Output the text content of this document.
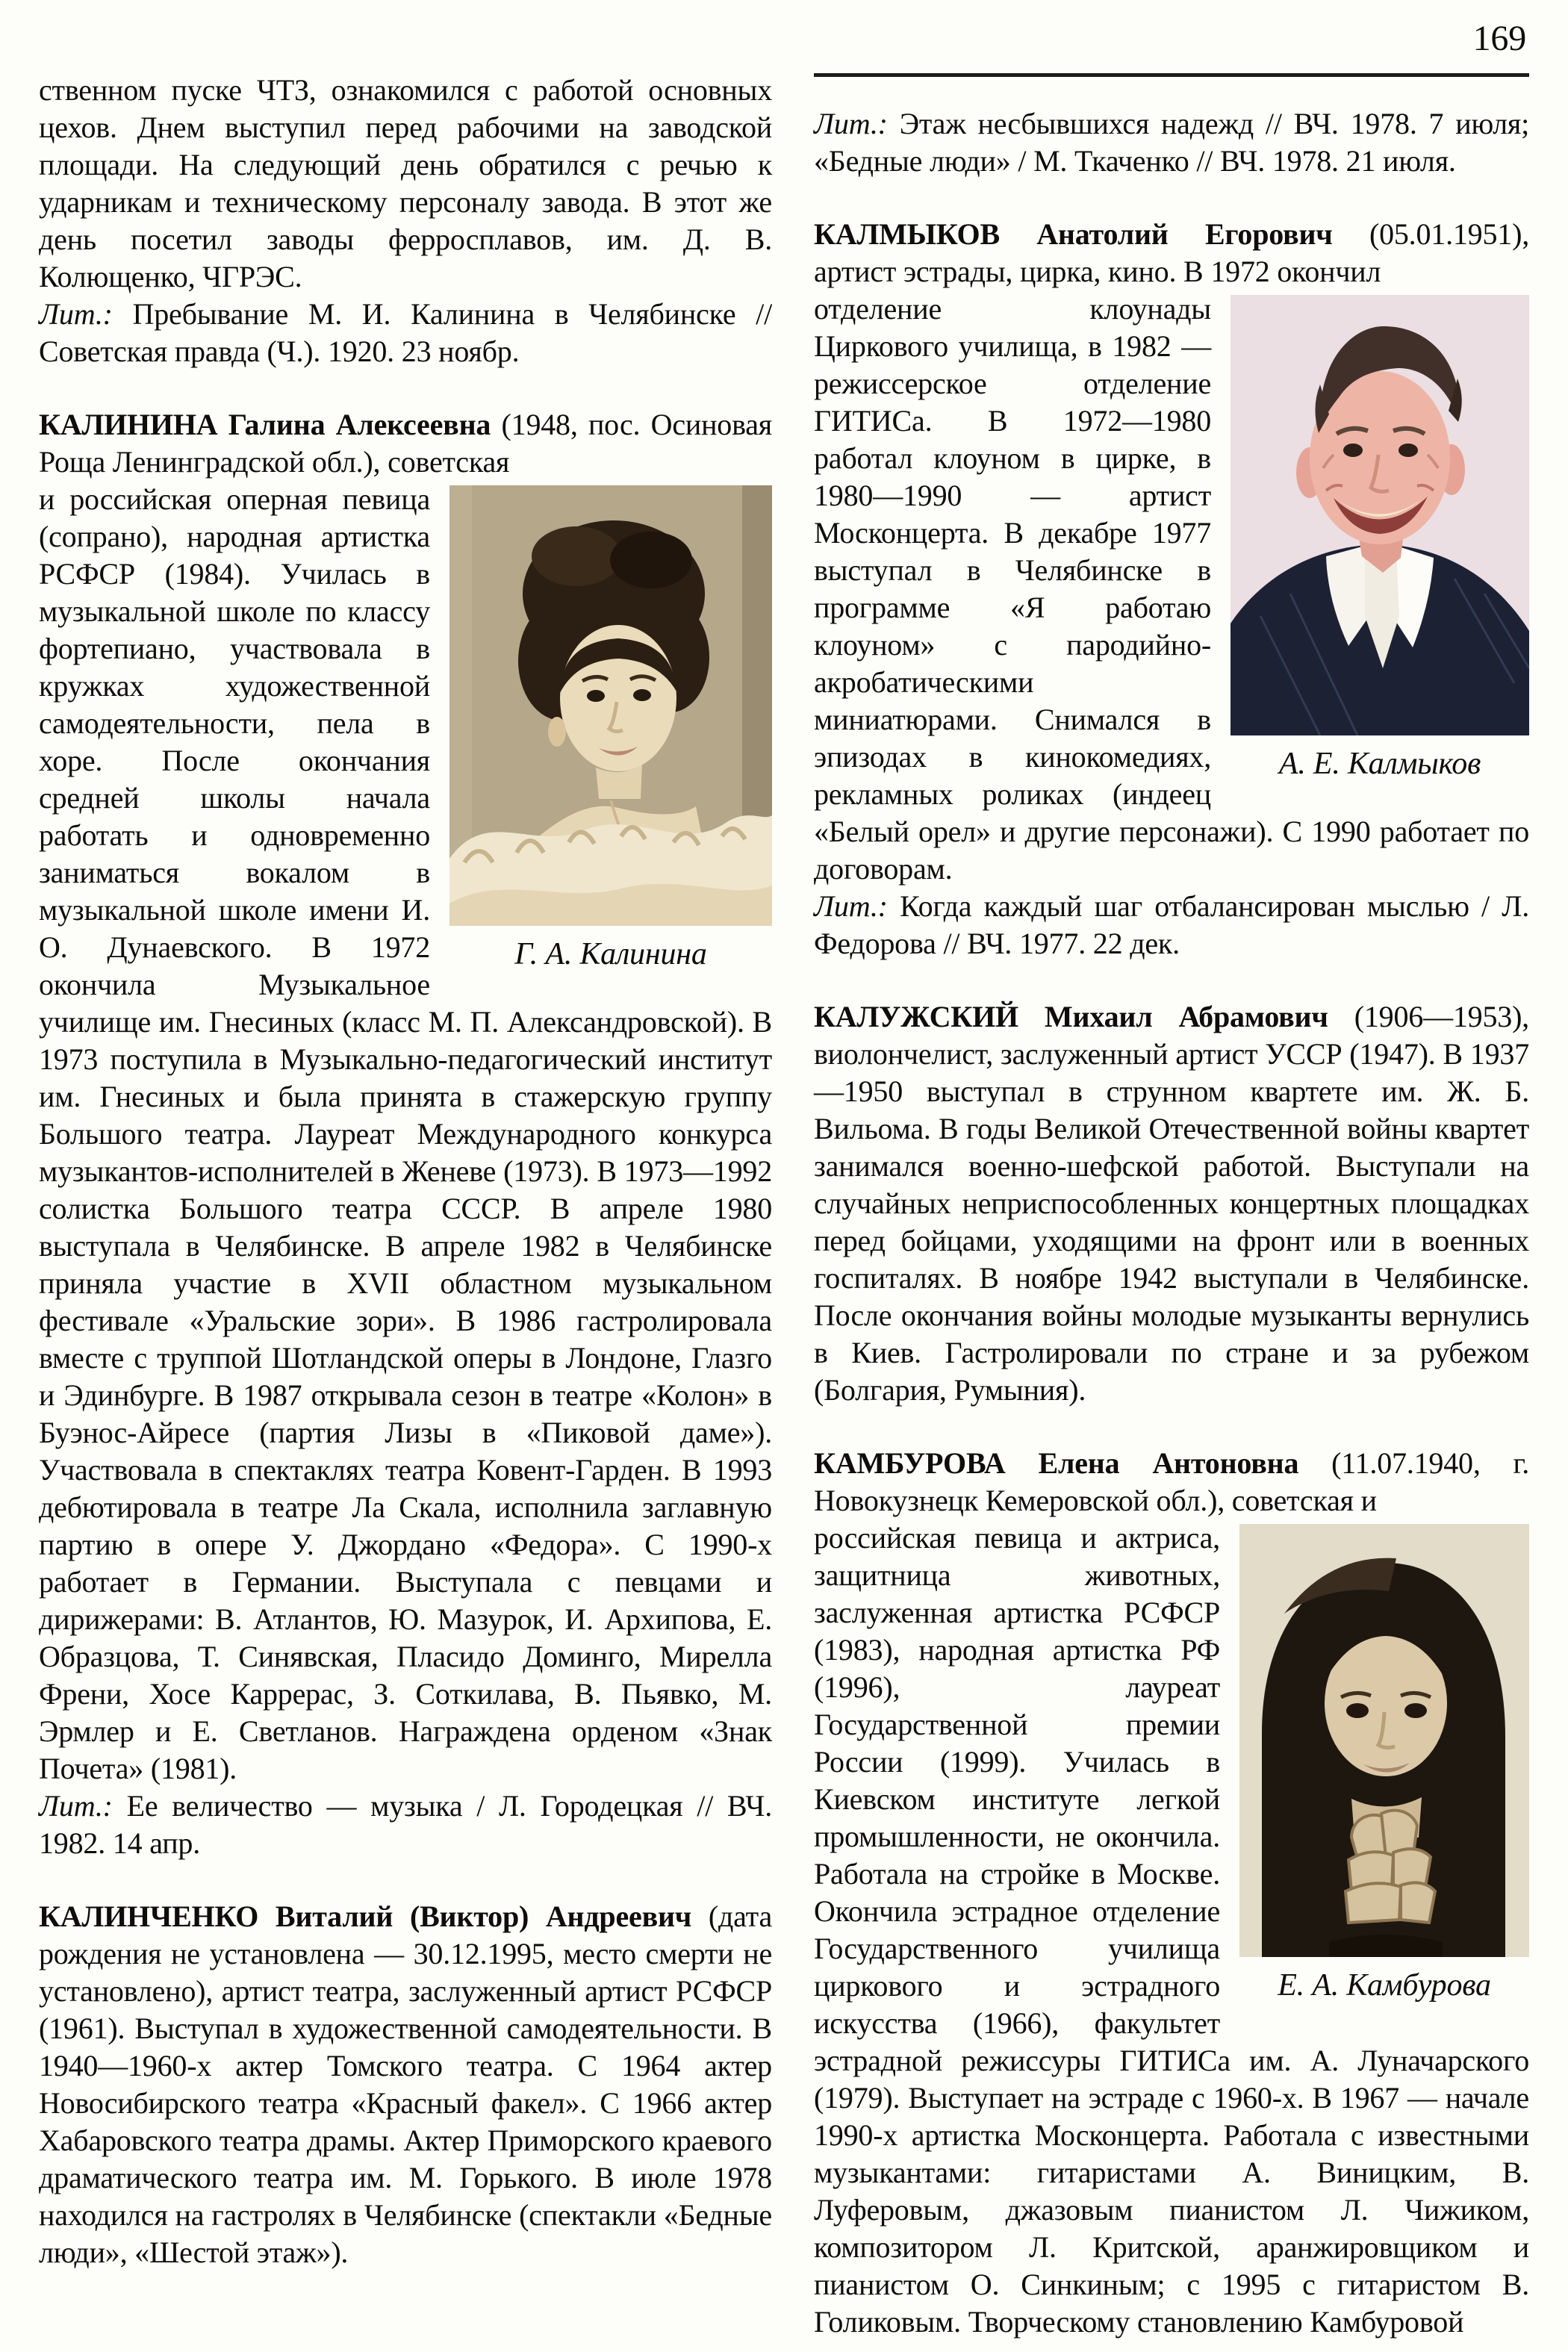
ственном пуске ЧТЗ, ознакомился с работой основных цехов. Днем выступил перед рабочими на заводской площади. На следующий день обратился с речью к ударникам и техническому персоналу завода. В этот же день посетил заводы ферросплавов, им. Д. В. Колющенко, ЧГРЭС.

Лит.: Пребывание М. И. Калинина в Челябинске // Советская правда (Ч.). 1920. 23 ноябр.

КАЛИНИНА Галина Алексеевна (1948, пос. Осиновая Роща Ленинградской обл.), советская

Г. А. Калинина
и российская оперная певица (сопрано), народная артистка РСФСР (1984). Училась в музыкальной школе по классу фортепиано, участвовала в кружках художественной самодеятельности, пела в хоре. После окончания средней школы начала работать и одновременно заниматься вокалом в музыкальной школе имени И. О. Дунаевского. В 1972 окончила Музыкальное училище им. Гнесиных (класс М. П. Александровской). В 1973 поступила в Музыкально-педагогический институт им. Гнесиных и была принята в стажерскую группу Большого театра. Лауреат Международного конкурса музыкантов-исполнителей в Женеве (1973). В 1973—1992 солистка Большого театра СССР. В апреле 1980 выступала в Челябинске. В апреле 1982 в Челябинске приняла участие в XVII областном музыкальном фестивале «Уральские зори». В 1986 гастролировала вместе с труппой Шотландской оперы в Лондоне, Глазго и Эдинбурге. В 1987 открывала сезон в театре «Колон» в Буэнос-Айресе (партия Лизы в «Пиковой даме»). Участвовала в спектаклях театра Ковент-Гарден. В 1993 дебютировала в театре Ла Скала, исполнила заглавную партию в опере У. Джордано «Федора». С 1990-х работает в Германии. Выступала с певцами и дирижерами: В. Атлантов, Ю. Мазурок, И. Архипова, Е. Образцова, Т. Синявская, Пласидо Доминго, Мирелла Френи, Хосе Каррерас, З. Соткилава, В. Пьявко, М. Эрмлер и Е. Светланов. Награждена орденом «Знак Почета» (1981).

Лит.: Ее величество — музыка / Л. Городецкая // ВЧ. 1982. 14 апр.

КАЛИНЧЕНКО Виталий (Виктор) Андреевич (дата рождения не установлена — 30.12.1995, место смерти не установлено), артист театра, заслуженный артист РСФСР (1961). Выступал в художественной самодеятельности. В 1940—1960-х актер Томского театра. С 1964 актер Новосибирского театра «Красный факел». С 1966 актер Хабаровского театра драмы. Актер Приморского краевого драматического театра им. М. Горького. В июле 1978 находился на гастролях в Челябинске (спектакли «Бедные люди», «Шестой этаж»).

169

Лит.: Этаж несбывшихся надежд // ВЧ. 1978. 7 июля; «Бедные люди» / М. Ткаченко // ВЧ. 1978. 21 июля.

КАЛМЫКОВ Анатолий Егорович (05.01.1951), артист эстрады, цирка, кино. В 1972 окончил

А. Е. Калмыков
отделение клоунады Циркового училища, в 1982 — режиссерское отделение ГИТИСа. В 1972—1980 работал клоуном в цирке, в 1980—1990 — артист Москонцерта. В декабре 1977 выступал в Челябинске в программе «Я работаю клоуном» с пародийно-акробатическими миниатюрами. Снимался в эпизодах в кинокомедиях, рекламных роликах (индеец «Белый орел» и другие персонажи). С 1990 работает по договорам.

Лит.: Когда каждый шаг отбалансирован мыслью / Л. Федорова // ВЧ. 1977. 22 дек.

КАЛУЖСКИЙ Михаил Абрамович (1906—1953), виолончелист, заслуженный артист УССР (1947). В 1937—1950 выступал в струнном квартете им. Ж. Б. Вильома. В годы Великой Отечественной войны квартет занимался военно-шефской работой. Выступали на случайных неприспособленных концертных площадках перед бойцами, уходящими на фронт или в военных госпиталях. В ноябре 1942 выступали в Челябинске. После окончания войны молодые музыканты вернулись в Киев. Гастролировали по стране и за рубежом (Болгария, Румыния).

КАМБУРОВА Елена Антоновна (11.07.1940, г. Новокузнецк Кемеровской обл.), советская и

Е. А. Камбурова
российская певица и актриса, защитница животных, заслуженная артистка РСФСР (1983), народная артистка РФ (1996), лауреат Государственной премии России (1999). Училась в Киевском институте легкой промышленности, не окончила. Работала на стройке в Москве. Окончила эстрадное отделение Государственного училища циркового и эстрадного искусства (1966), факультет эстрадной режиссуры ГИТИСа им. А. Луначарского (1979). Выступает на эстраде с 1960-х. В 1967 — начале 1990-х артистка Москонцерта. Работала с известными музыкантами: гитаристами А. Виницким, В. Луферовым, джазовым пианистом Л. Чижиком, композитором Л. Критской, аранжировщиком и пианистом О. Синкиным; с 1995 с гитаристом В. Голиковым. Творческому становлению Камбуровой
